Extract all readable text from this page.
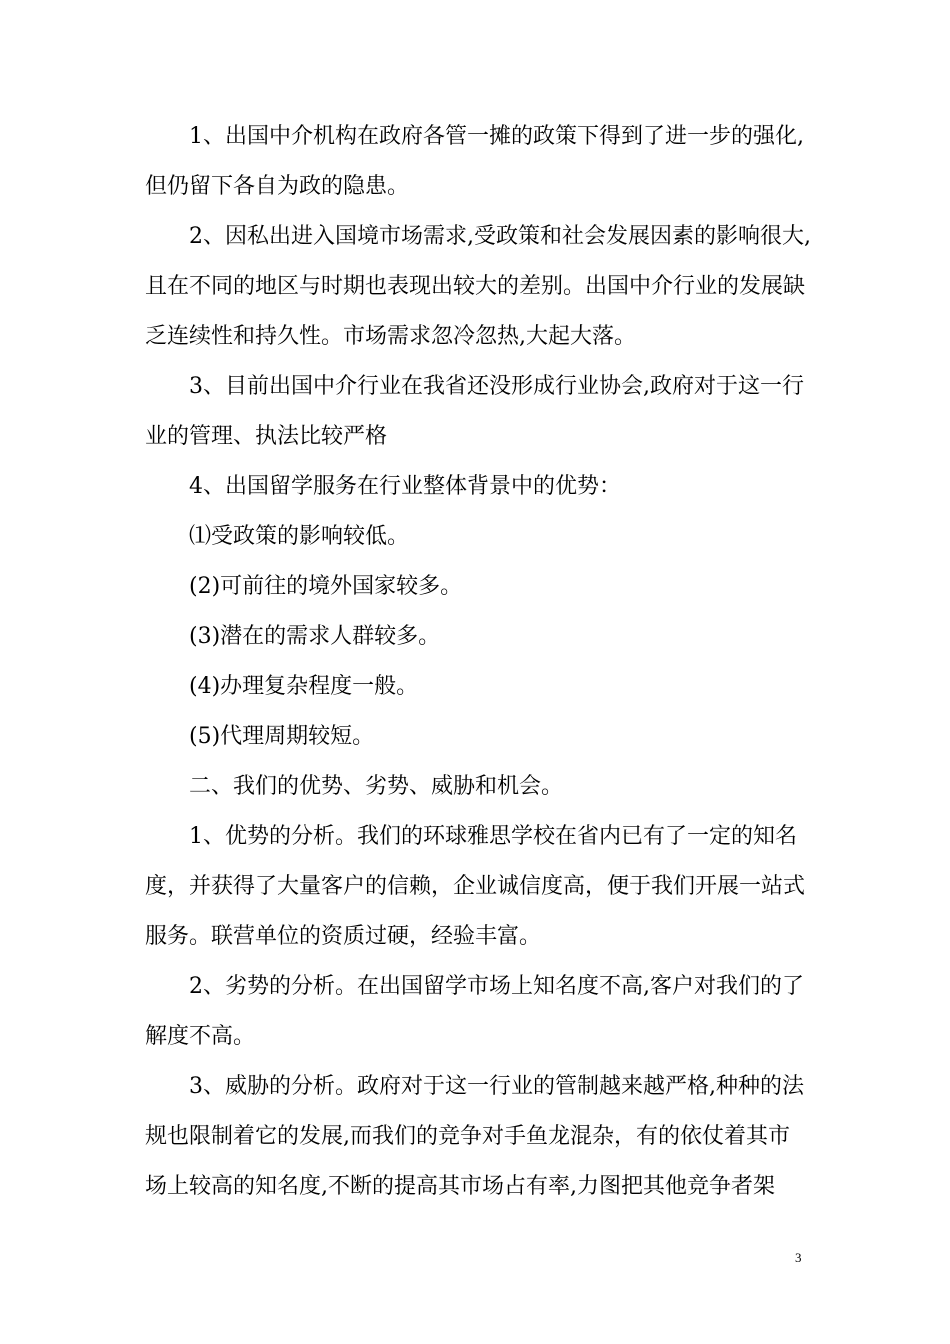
　　1、出国中介机构在政府各管一摊的政策下得到了进一步的强化,
但仍留下各自为政的隐患。

　　2、因私出进入国境市场需求,受政策和社会发展因素的影响很大,
且在不同的地区与时期也表现出较大的差别。出国中介行业的发展缺
乏连续性和持久性。市场需求忽冷忽热,大起大落。

　　3、目前出国中介行业在我省还没形成行业协会,政府对于这一行
业的管理、执法比较严格

　　4、出国留学服务在行业整体背景中的优势：

　　⑴受政策的影响较低。

　　(2)可前往的境外国家较多。

　　(3)潜在的需求人群较多。

　　(4)办理复杂程度一般。

　　(5)代理周期较短。

　　二、我们的优势、劣势、威胁和机会。

　　1、优势的分析。我们的环球雅思学校在省内已有了一定的知名
度，并获得了大量客户的信赖，企业诚信度高，便于我们开展一站式
服务。联营单位的资质过硬，经验丰富。

　　2、劣势的分析。在出国留学市场上知名度不高,客户对我们的了
解度不高。

　　3、威胁的分析。政府对于这一行业的管制越来越严格,种种的法
规也限制着它的发展,而我们的竞争对手鱼龙混杂，有的依仗着其市
场上较高的知名度,不断的提高其市场占有率,力图把其他竞争者架

3
